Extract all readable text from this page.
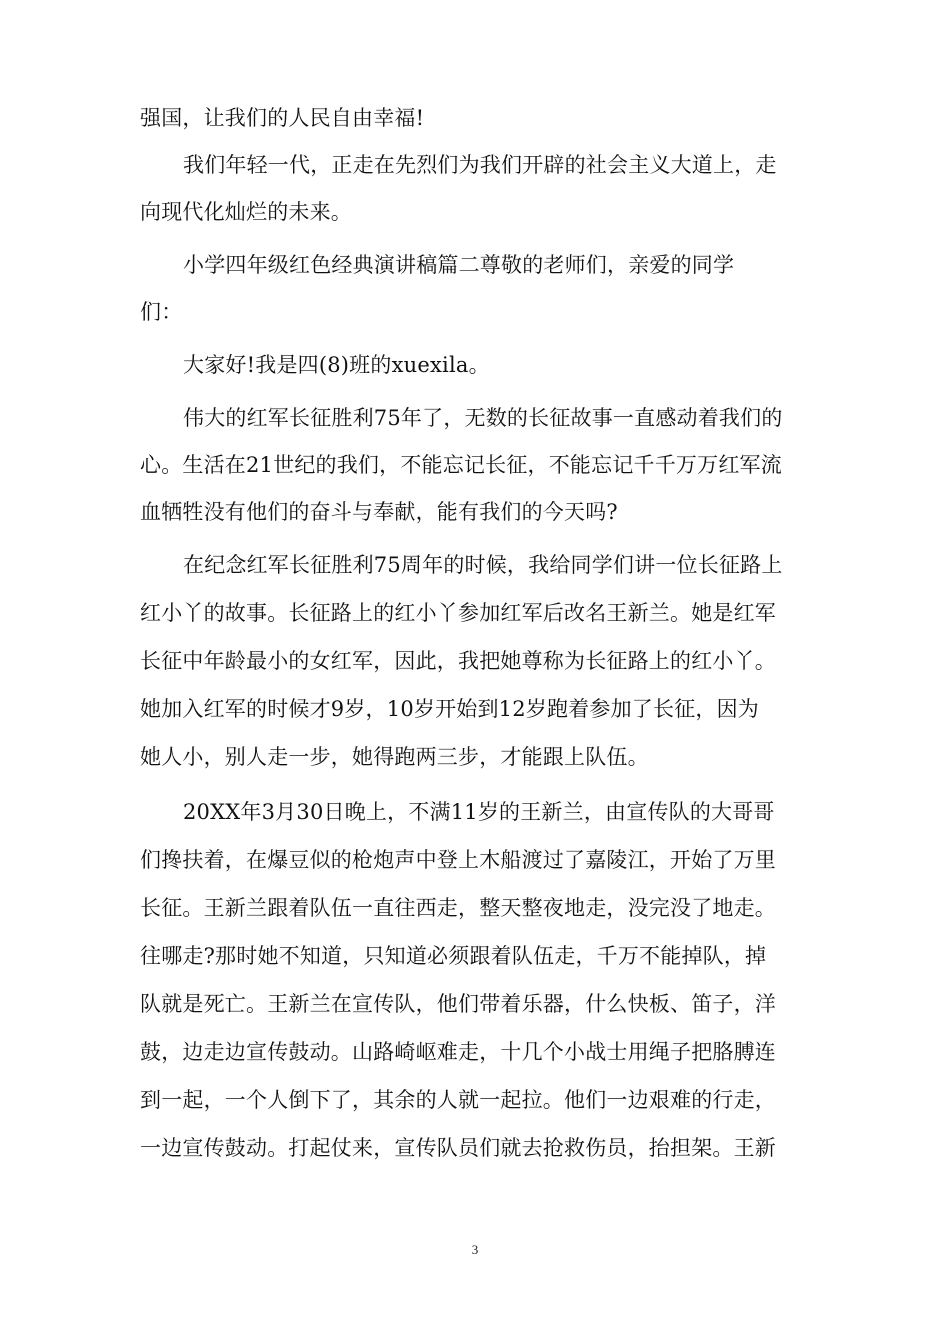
强国，让我们的人民自由幸福!
我们年轻一代，正走在先烈们为我们开辟的社会主义大道上，走
向现代化灿烂的未来。
小学四年级红色经典演讲稿篇二尊敬的老师们，亲爱的同学
们：
大家好!我是四(8)班的xuexila。
伟大的红军长征胜利75年了，无数的长征故事一直感动着我们的
心。生活在21世纪的我们，不能忘记长征，不能忘记千千万万红军流
血牺牲没有他们的奋斗与奉献，能有我们的今天吗?
在纪念红军长征胜利75周年的时候，我给同学们讲一位长征路上
红小丫的故事。长征路上的红小丫参加红军后改名王新兰。她是红军
长征中年龄最小的女红军，因此，我把她尊称为长征路上的红小丫。
她加入红军的时候才9岁，10岁开始到12岁跑着参加了长征，因为
她人小，别人走一步，她得跑两三步，才能跟上队伍。
20XX年3月30日晚上，不满11岁的王新兰，由宣传队的大哥哥
们搀扶着，在爆豆似的枪炮声中登上木船渡过了嘉陵江，开始了万里
长征。王新兰跟着队伍一直往西走，整天整夜地走，没完没了地走。
往哪走?那时她不知道，只知道必须跟着队伍走，千万不能掉队，掉
队就是死亡。王新兰在宣传队，他们带着乐器，什么快板、笛子，洋
鼓，边走边宣传鼓动。山路崎岖难走，十几个小战士用绳子把胳膊连
到一起，一个人倒下了，其余的人就一起拉。他们一边艰难的行走，
一边宣传鼓动。打起仗来，宣传队员们就去抢救伤员，抬担架。王新
3
